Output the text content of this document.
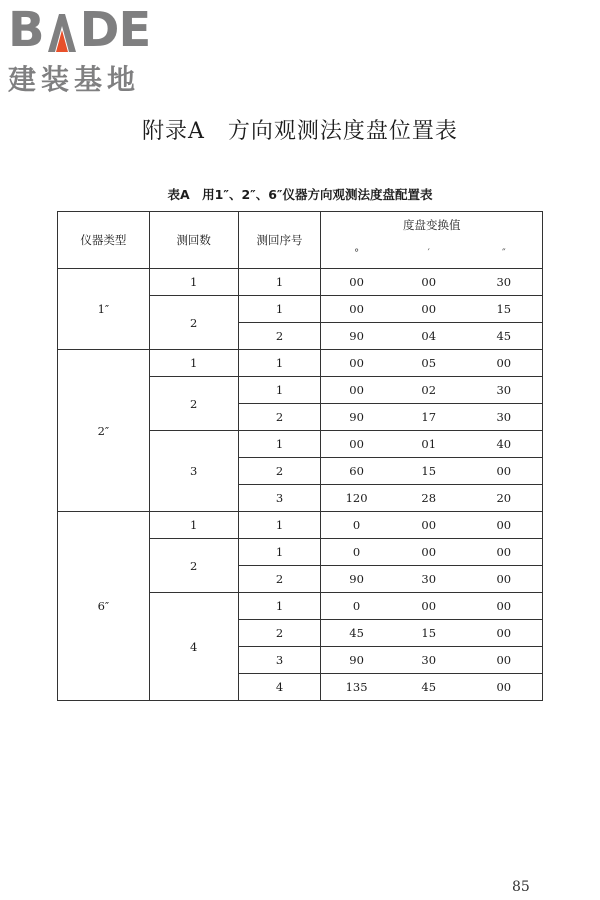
B DE
建装基地
附录A　方向观测法度盘位置表
表A　用1″、2″、6″仪器方向观测法度盘配置表
仪器类型	测回数	测回序号	度盘变换值		
			°	′	″
1″	1	1	00	00	30
	2	1	00	00	15
		2	90	04	45
2″	1	1	00	05	00
	2	1	00	02	30
		2	90	17	30
	3	1	00	01	40
		2	60	15	00
		3	120	28	20
6″	1	1	0	00	00
	2	1	0	00	00
		2	90	30	00
	4	1	0	00	00
		2	45	15	00
		3	90	30	00
		4	135	45	00
85
